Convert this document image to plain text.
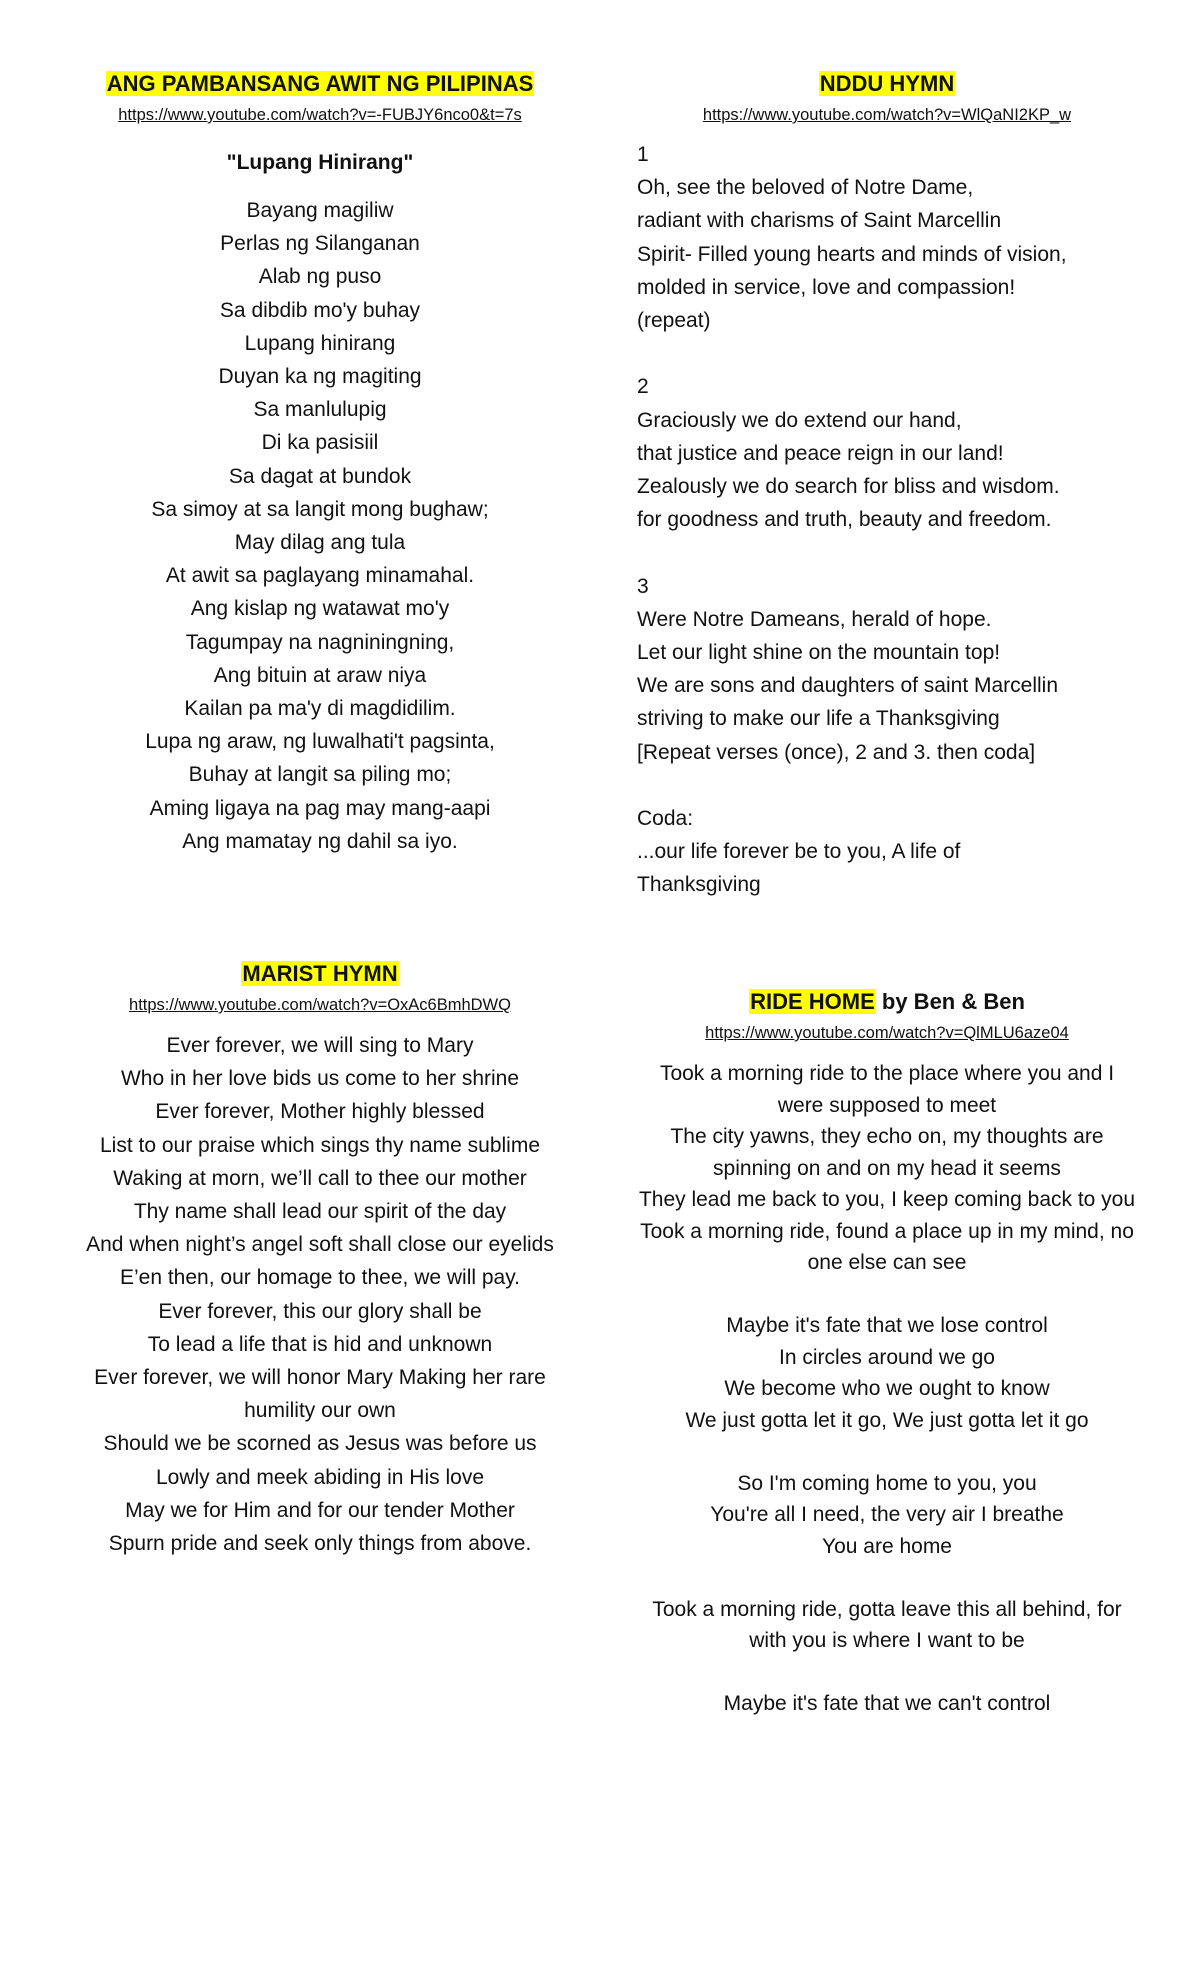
ANG PAMBANSANG AWIT NG PILIPINAS
https://www.youtube.com/watch?v=-FUBJY6nco0&t=7s
"Lupang Hinirang"
Bayang magiliw
Perlas ng Silanganan
Alab ng puso
Sa dibdib mo'y buhay
Lupang hinirang
Duyan ka ng magiting
Sa manlulupig
Di ka pasisiil
Sa dagat at bundok
Sa simoy at sa langit mong bughaw;
May dilag ang tula
At awit sa paglayang minamahal.
Ang kislap ng watawat mo'y
Tagumpay na nagniningning,
Ang bituin at araw niya
Kailan pa ma'y di magdidilim.
Lupa ng araw, ng luwalhati't pagsinta,
Buhay at langit sa piling mo;
Aming ligaya na pag may mang-aapi
Ang mamatay ng dahil sa iyo.
NDDU HYMN
https://www.youtube.com/watch?v=WlQaNI2KP_w
1
Oh, see the beloved of Notre Dame,
radiant with charisms of Saint Marcellin
Spirit- Filled young hearts and minds of vision,
molded in service, love and compassion!
(repeat)
2
Graciously we do extend our hand,
that justice and peace reign in our land!
Zealously we do search for bliss and wisdom.
for goodness and truth, beauty and freedom.
3
Were Notre Dameans, herald of hope.
Let our light shine on the mountain top!
We are sons and daughters of saint Marcellin
striving to make our life a Thanksgiving
[Repeat verses (once), 2 and 3. then coda]
Coda:
...our life forever be to you, A life of
Thanksgiving
MARIST HYMN
https://www.youtube.com/watch?v=OxAc6BmhDWQ
Ever forever, we will sing to Mary
Who in her love bids us come to her shrine
Ever forever, Mother highly blessed
List to our praise which sings thy name sublime
Waking at morn, we’ll call to thee our mother
Thy name shall lead our spirit of the day
And when night’s angel soft shall close our eyelids
E’en then, our homage to thee, we will pay.
Ever forever, this our glory shall be
To lead a life that is hid and unknown
Ever forever, we will honor Mary Making her rare humility our own
Should we be scorned as Jesus was before us
Lowly and meek abiding in His love
May we for Him and for our tender Mother
Spurn pride and seek only things from above.
RIDE HOME by Ben & Ben
https://www.youtube.com/watch?v=QlMLU6aze04
Took a morning ride to the place where you and I were supposed to meet
The city yawns, they echo on, my thoughts are spinning on and on my head it seems
They lead me back to you, I keep coming back to you
Took a morning ride, found a place up in my mind, no one else can see
Maybe it's fate that we lose control
In circles around we go
We become who we ought to know
We just gotta let it go, We just gotta let it go
So I'm coming home to you, you
You're all I need, the very air I breathe
You are home
Took a morning ride, gotta leave this all behind, for with you is where I want to be
Maybe it's fate that we can't control
